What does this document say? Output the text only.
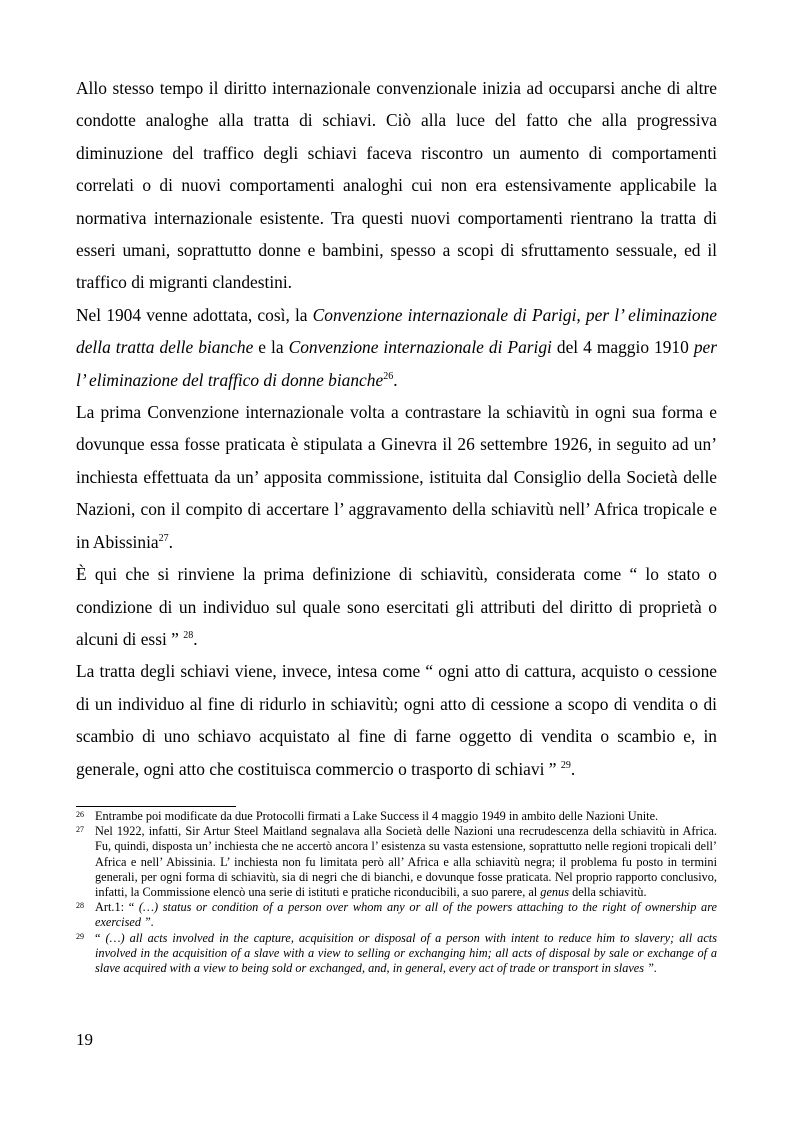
Allo stesso tempo il diritto internazionale convenzionale inizia ad occuparsi anche di altre condotte analoghe alla tratta di schiavi. Ciò alla luce del fatto che alla progressiva diminuzione del traffico degli schiavi faceva riscontro un aumento di comportamenti correlati o di nuovi comportamenti analoghi cui non era estensivamente applicabile la normativa internazionale esistente. Tra questi nuovi comportamenti rientrano la tratta di esseri umani, soprattutto donne e bambini, spesso a scopi di sfruttamento sessuale, ed il traffico di migranti clandestini.

Nel 1904 venne adottata, così, la Convenzione internazionale di Parigi, per l’ eliminazione della tratta delle bianche e la Convenzione internazionale di Parigi del 4 maggio 1910 per l’ eliminazione del traffico di donne bianche$^{26}$.

La prima Convenzione internazionale volta a contrastare la schiavitù in ogni sua forma e dovunque essa fosse praticata è stipulata a Ginevra il 26 settembre 1926, in seguito ad un’ inchiesta effettuata da un’ apposita commissione, istituita dal Consiglio della Società delle Nazioni, con il compito di accertare l’ aggravamento della schiavitù nell’ Africa tropicale e in Abissinia$^{27}$.

È qui che si rinviene la prima definizione di schiavitù, considerata come “ lo stato o condizione di un individuo sul quale sono esercitati gli attributi del diritto di proprietà o alcuni di essi ” $^{28}$.

La tratta degli schiavi viene, invece, intesa come “ ogni atto di cattura, acquisto o cessione di un individuo al fine di ridurlo in schiavitù; ogni atto di cessione a scopo di vendita o di scambio di uno schiavo acquistato al fine di farne oggetto di vendita o scambio e, in generale, ogni atto che costituisca commercio o trasporto di schiavi ” $^{29}$.

26 Entrambe poi modificate da due Protocolli firmati a Lake Success il 4 maggio 1949 in ambito delle Nazioni Unite.

27 Nel 1922, infatti, Sir Artur Steel Maitland segnalava alla Società delle Nazioni una recrudescenza della schiavitù in Africa. Fu, quindi, disposta un’ inchiesta che ne accertò ancora l’ esistenza su vasta estensione, soprattutto nelle regioni tropicali dell’ Africa e nell’ Abissinia. L’ inchiesta non fu limitata però all’ Africa e alla schiavitù negra; il problema fu posto in termini generali, per ogni forma di schiavitù, sia di negri che di bianchi, e dovunque fosse praticata. Nel proprio rapporto conclusivo, infatti, la Commissione elencò una serie di istituti e pratiche riconducibili, a suo parere, al genus della schiavitù.

28 Art.1: “ (…) status or condition of a person over whom any or all of the powers attaching to the right of ownership are exercised ”.

29 “ (…) all acts involved in the capture, acquisition or disposal of a person with intent to reduce him to slavery; all acts involved in the acquisition of a slave with a view to selling or exchanging him; all acts of disposal by sale or exchange of a slave acquired with a view to being sold or exchanged, and, in general, every act of trade or transport in slaves ”.

19
